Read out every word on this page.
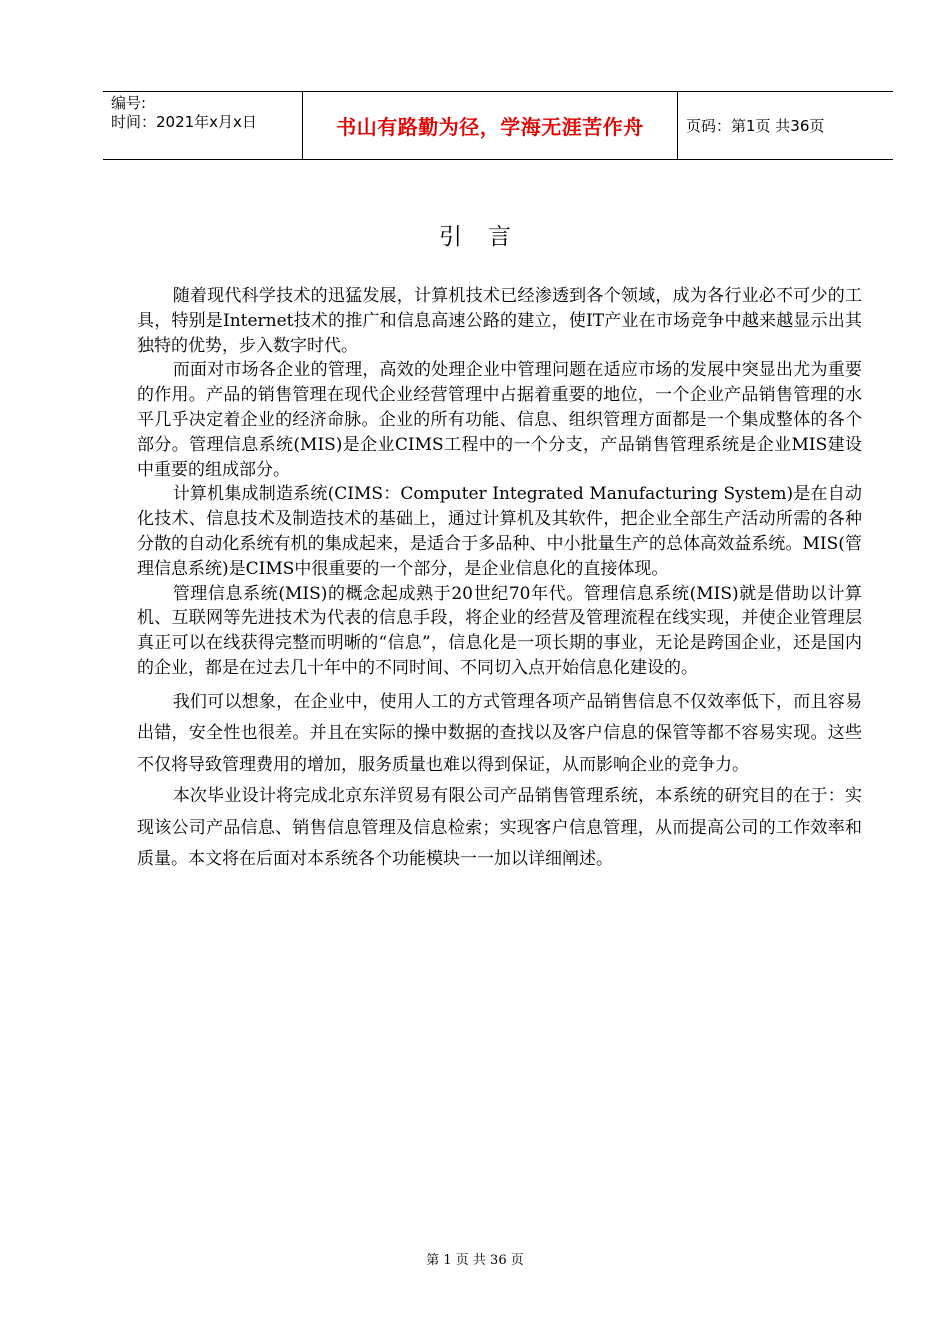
编号:
时间：2021年x月x日	书山有路勤为径，学海无涯苦作舟	页码：第1页 共36页
引言

随着现代科学技术的迅猛发展，计算机技术已经渗透到各个领域，成为各行业必不可少的工具，特别是Internet技术的推广和信息高速公路的建立，使IT产业在市场竞争中越来越显示出其独特的优势，步入数字时代。

而面对市场各企业的管理，高效的处理企业中管理问题在适应市场的发展中突显出尤为重要的作用。产品的销售管理在现代企业经营管理中占据着重要的地位，一个企业产品销售管理的水平几乎决定着企业的经济命脉。企业的所有功能、信息、组织管理方面都是一个集成整体的各个部分。管理信息系统(MIS)是企业CIMS工程中的一个分支，产品销售管理系统是企业MIS建设中重要的组成部分。

计算机集成制造系统(CIMS：Computer Integrated Manufacturing System)是在自动化技术、信息技术及制造技术的基础上，通过计算机及其软件，把企业全部生产活动所需的各种分散的自动化系统有机的集成起来，是适合于多品种、中小批量生产的总体高效益系统。MIS(管理信息系统)是CIMS中很重要的一个部分，是企业信息化的直接体现。

管理信息系统(MIS)的概念起成熟于20世纪70年代。管理信息系统(MIS)就是借助以计算机、互联网等先进技术为代表的信息手段，将企业的经营及管理流程在线实现，并使企业管理层真正可以在线获得完整而明晰的“信息”，信息化是一项长期的事业，无论是跨国企业，还是国内的企业，都是在过去几十年中的不同时间、不同切入点开始信息化建设的。

我们可以想象，在企业中，使用人工的方式管理各项产品销售信息不仅效率低下，而且容易出错，安全性也很差。并且在实际的操中数据的查找以及客户信息的保管等都不容易实现。这些不仅将导致管理费用的增加，服务质量也难以得到保证，从而影响企业的竞争力。

本次毕业设计将完成北京东洋贸易有限公司产品销售管理系统，本系统的研究目的在于：实现该公司产品信息、销售信息管理及信息检索；实现客户信息管理，从而提高公司的工作效率和质量。本文将在后面对本系统各个功能模块一一加以详细阐述。

第 1 页 共 36 页
